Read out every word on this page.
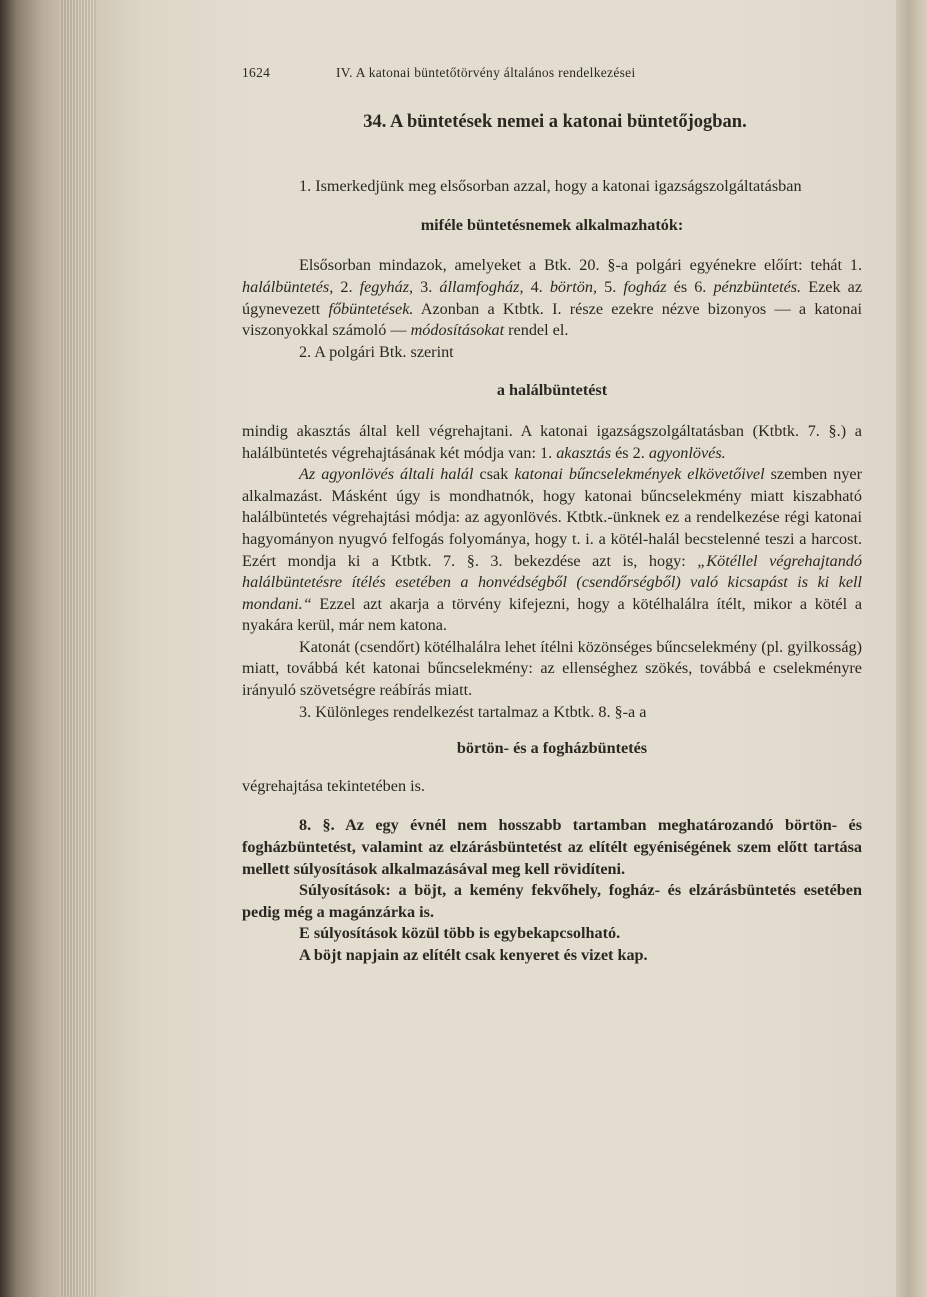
1624	IV. A katonai büntetőtörvény általános rendelkezései
34. A büntetések nemei a katonai büntetőjogban.

1. Ismerkedjünk meg elsősorban azzal, hogy a katonai igazságszolgáltatásban

miféle büntetésnemek alkalmazhatók:

Elsősorban mindazok, amelyeket a Btk. 20. §-a polgári egyénekre előírt: tehát 1. halálbüntetés, 2. fegyház, 3. államfogház, 4. börtön, 5. fogház és 6. pénzbüntetés. Ezek az úgynevezett főbüntetések. Azonban a Ktbtk. I. része ezekre nézve bizonyos — a katonai viszonyokkal számoló — módosításokat rendel el.

2. A polgári Btk. szerint

a halálbüntetést

mindig akasztás által kell végrehajtani. A katonai igazságszolgáltatásban (Ktbtk. 7. §.) a halálbüntetés végrehajtásának két módja van: 1. akasztás és 2. agyonlövés.

Az agyonlövés általi halál csak katonai bűncselekmények elkövetőivel szemben nyer alkalmazást. Másként úgy is mondhatnók, hogy katonai bűncselekmény miatt kiszabható halálbüntetés végrehajtási módja: az agyonlövés. Ktbtk.-ünknek ez a rendelkezése régi katonai hagyományon nyugvó felfogás folyományа, hogy t. i. a kötél-halál becstelenné teszi a harcost. Ezért mondja ki a Ktbtk. 7. §. 3. bekezdése azt is, hogy: „Kötéllel végrehajtandó halálbüntetésre ítélés esetében a honvédségből (csendőrségből) való kicsapást is ki kell mondani.“ Ezzel azt akarja a törvény kifejezni, hogy a kötélhalálra ítélt, mikor a kötél a nyakára kerül, már nem katona.

Katonát (csendőrt) kötélhalálra lehet ítélni közönséges bűncselekmény (pl. gyilkosság) miatt, továbbá két katonai bűncselekmény: az ellenséghez szökés, továbbá e cselekményre irányuló szövetségre reábírás miatt.

3. Különleges rendelkezést tartalmaz a Ktbtk. 8. §-a a

börtön- és a fogházbüntetés

végrehajtása tekintetében is.

8. §. Az egy évnél nem hosszabb tartamban meghatározandó börtön- és fogházbüntetést, valamint az elzárásbüntetést az elítélt egyéniségének szem előtt tartása mellett súlyosítások alkalmazásával meg kell rövidíteni.

Súlyosítások: a böjt, a kemény fekvőhely, fogház- és elzárásbüntetés esetében pedig még a magánzárka is.

E súlyosítások közül több is egybekapcsolható.

A böjt napjain az elítélt csak kenyeret és vizet kap.
